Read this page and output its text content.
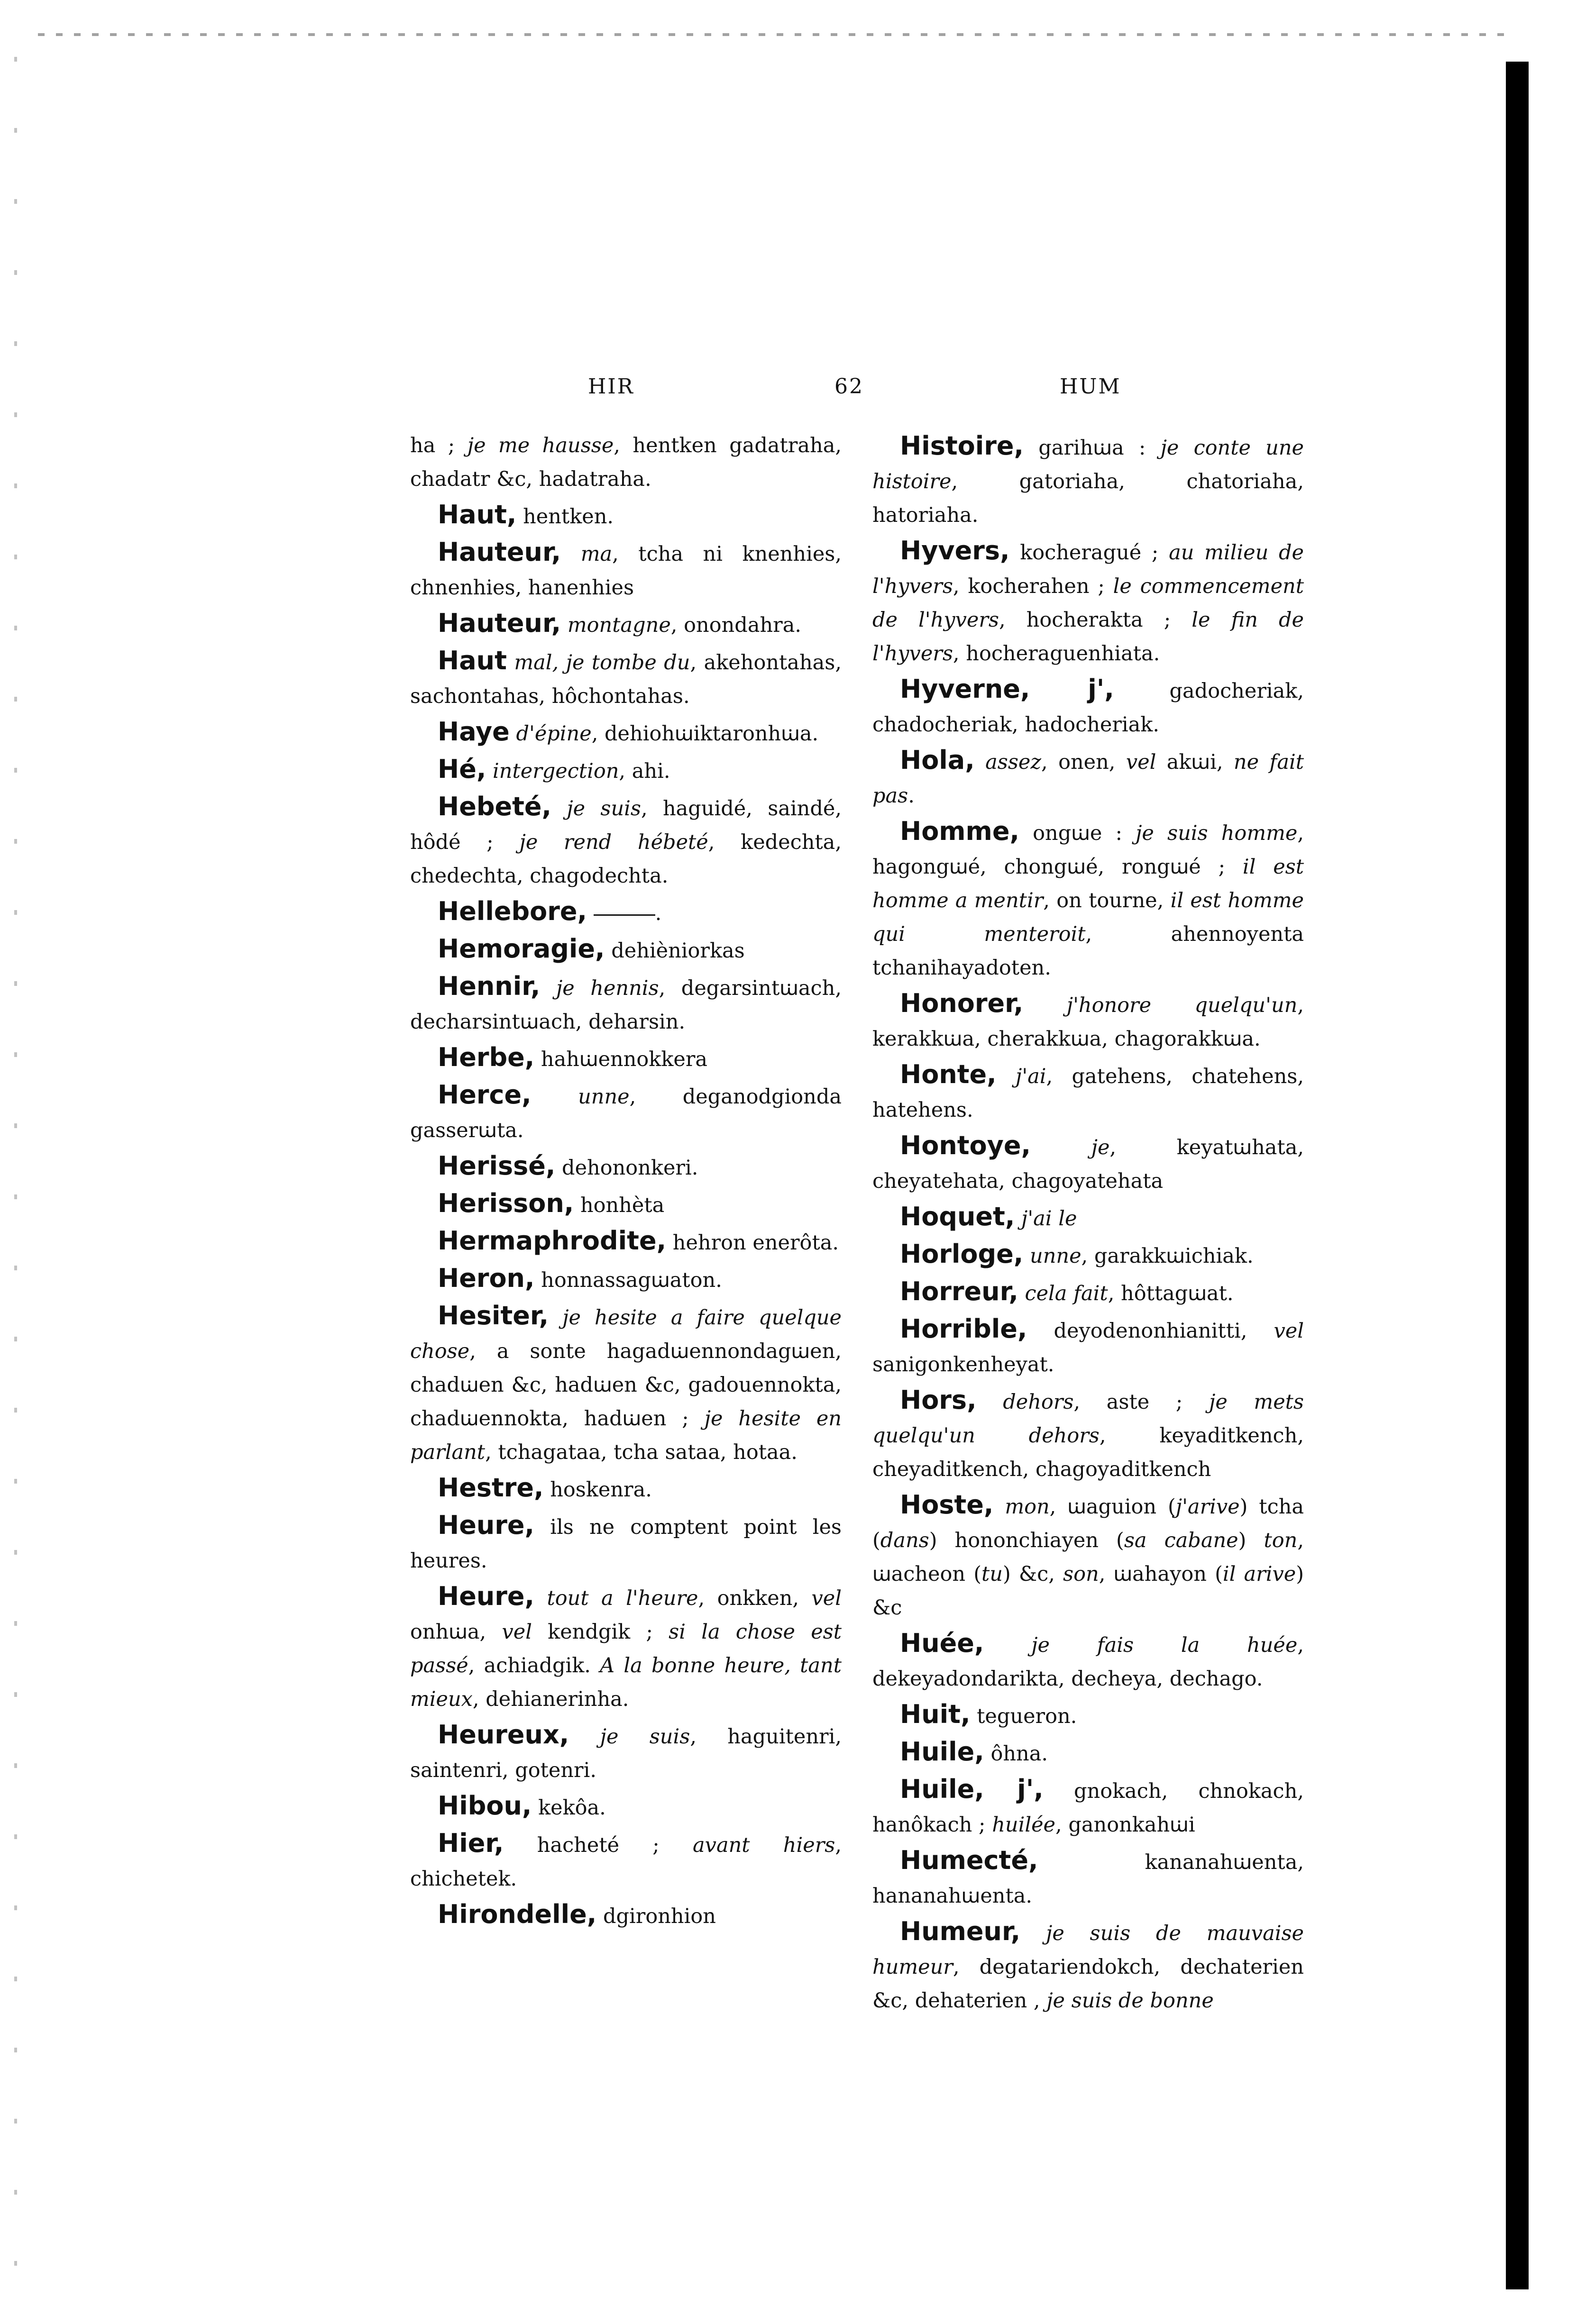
HIR	62	HUM

ha ; je me hausse, hentken gadatraha, chadatr &c, hadatraha.

Haut, hentken.

Hauteur, ma, tcha ni knenhies, chnenhies, hanenhies

Hauteur, montagne, onondahra.

Haut mal, je tombe du, akehontahas, sachontahas, hôchontahas.

Haye d'épine, dehiohꭐiktaronhꭐa.

Hé, intergection, ahi.

Hebeté, je suis, haguidé, saindé, hôdé ; je rend hébeté, kedechta, chedechta, chagodechta.

Hellebore,	.

Hemoragie, dehièniorkas

Hennir, je hennis, degarsintꭐach, decharsintꭐach, deharsin.

Herbe, hahꭐennokkera

Herce, unne, deganodgionda gasserꭐta.

Herissé, dehononkeri.

Herisson, honhèta

Hermaphrodite, hehron enerôta.

Heron, honnassagꭐaton.

Hesiter, je hesite a faire quelque chose, a sonte hagadꭐennondagꭐen, chadꭐen &c, hadꭐen &c, gadouennokta, chadꭐennokta, hadꭐen ; je hesite en parlant, tchagataa, tcha sataa, hotaa.

Hestre, hoskenra.

Heure, ils ne comptent point les heures.

Heure, tout a l'heure, onkken, vel onhꭐa, vel kendgik ; si la chose est passé, achiadgik. A la bonne heure, tant mieux, dehianerinha.

Heureux, je suis, haguitenri, saintenri, gotenri.

Hibou, kekôa.

Hier, hacheté ; avant hiers, chichetek.

Hirondelle, dgironhion

Histoire, garihꭐa : je conte une histoire, gatoriaha, chatoriaha, hatoriaha.

Hyvers, kocheragué ; au milieu de l'hyvers, kocherahen ; le commencement de l'hyvers, hocherakta ; le fin de l'hyvers, hocheraguenhiata.

Hyverne, j', gadocheriak, chadocheriak, hadocheriak.

Hola, assez, onen, vel akꭐi, ne fait pas.

Homme, ongꭐe : je suis homme, hagongꭐé, chongꭐé, rongꭐé ; il est homme a mentir, on tourne, il est homme qui menteroit, ahennoyenta tchanihayadoten.

Honorer, j'honore quelqu'un, kerakkꭐa, cherakkꭐa, chagorakkꭐa.

Honte, j'ai, gatehens, chatehens, hatehens.

Hontoye,	je, keyatꭐhata, cheyatehata, chagoyatehata

Hoquet, j'ai le

Horloge, unne, garakkꭐichiak.

Horreur, cela fait, hôttagꭐat.

Horrible, deyodenonhianitti, vel sanigonkenheyat.

Hors, dehors, aste ; je mets quelqu'un dehors, keyaditkench, cheyaditkench, chagoyaditkench

Hoste, mon, ꭐaguion (j'arive) tcha (dans) hononchiayen (sa cabane) ton, ꭐacheon (tu) &c, son, ꭐahayon (il arive) &c

Huée, je fais la huée, dekeyadondarikta, decheya, dechago.

Huit, tegueron.

Huile, ôhna.

Huile, j', gnokach, chnokach, hanôkach ; huilée, ganonkahꭐi

Humecté, kananahꭐenta, hananahꭐenta.

Humeur, je suis de mauvaise humeur, degatariendokch, dechaterien &c, dehaterien , je suis de bonne
